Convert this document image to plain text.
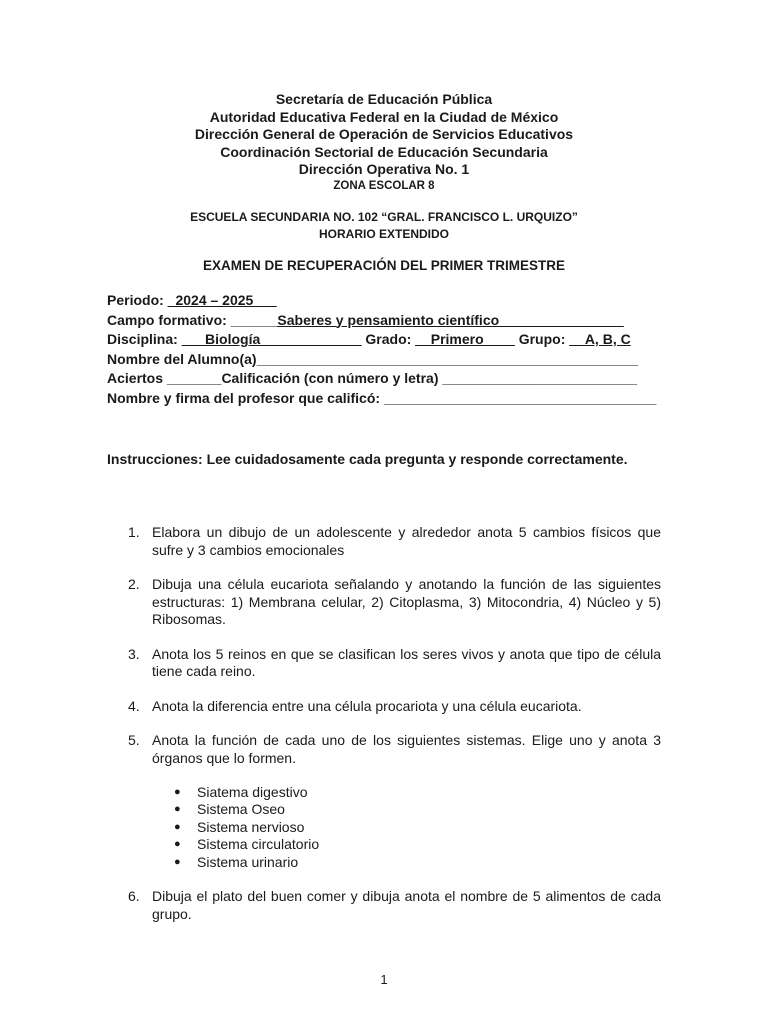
Secretaría de Educación Pública
Autoridad Educativa Federal en la Ciudad de México
Dirección General de Operación de Servicios Educativos
Coordinación Sectorial de Educación Secundaria
Dirección Operativa No. 1
ZONA ESCOLAR 8
ESCUELA SECUNDARIA NO. 102 “GRAL. FRANCISCO L. URQUIZO”
HORARIO EXTENDIDO
EXAMEN DE RECUPERACIÓN DEL PRIMER TRIMESTRE
Periodo: _2024 – 2025___
Campo formativo: ______Saberes y pensamiento científico________________
Disciplina: ___Biología_____________ Grado: __Primero____ Grupo: __A, B, C
Nombre del Alumno(a)_________________________________________________
Aciertos _______Calificación (con número y letra) _________________________
Nombre y firma del profesor que calificó: ___________________________________
Instrucciones: Lee cuidadosamente cada pregunta y responde correctamente.
1. Elabora un dibujo de un adolescente y alrededor anota 5 cambios físicos que sufre y 3 cambios emocionales
2. Dibuja una célula eucariota señalando y anotando la función de las siguientes estructuras: 1) Membrana celular, 2) Citoplasma, 3) Mitocondria, 4) Núcleo y 5) Ribosomas.
3. Anota los 5 reinos en que se clasifican los seres vivos y anota que tipo de célula tiene cada reino.
4. Anota la diferencia entre una célula procariota y una célula eucariota.
5. Anota la función de cada uno de los siguientes sistemas. Elige uno y anota 3 órganos que lo formen.
● Siatema digestivo
● Sistema Oseo
● Sistema nervioso
● Sistema circulatorio
● Sistema urinario
6. Dibuja el plato del buen comer y dibuja anota el nombre de 5 alimentos de cada grupo.
1
